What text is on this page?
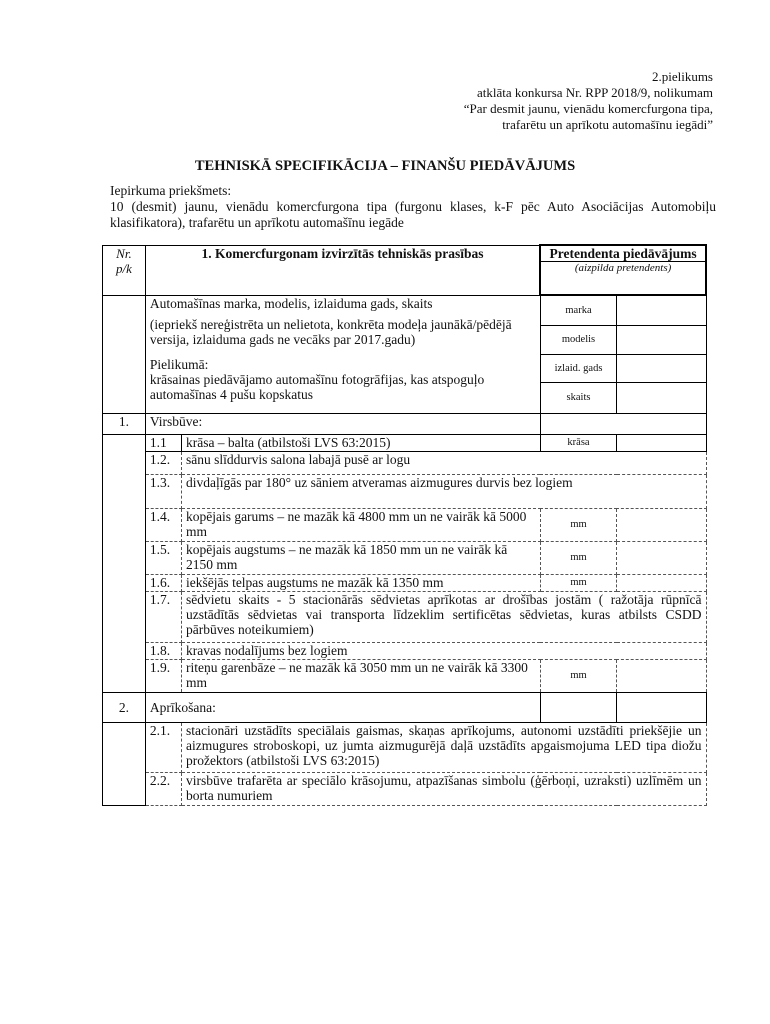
2.pielikums
atklāta konkursa Nr. RPP 2018/9, nolikumam
“Par desmit jaunu, vienādu komercfurgona tipa,
trafarētu un aprīkotu automašīnu iegādi”
TEHNISKĀ SPECIFIKĀCIJA – FINANŠU PIEDĀVĀJUMS
Iepirkuma priekšmets:
10 (desmit) jaunu, vienādu komercfurgona tipa (furgonu klases, k-F pēc Auto Asociācijas Automobiļu klasifikatora), trafarētu un aprīkotu automašīnu iegāde
Nr. p/k	1. Komercfurgonam izvirzītās tehniskās prasības		Pretendenta piedāvājums
(aizpilda pretendents)	

	Automašīnas marka, modelis, izlaiduma gads, skaits
(iepriekš nereģistrēta un nelietota, konkrēta modeļa jaunākā/pēdējā versija, izlaiduma gads ne vecāks par 2017.gadu)
Pielikumā:
krāsainas piedāvājamo automašīnu fotogrāfijas, kas atspoguļo automašīnas 4 pušu kopskatus		marka	
			modelis	
			izlaid. gads	
			skaits	
1.	Virsbūve:			
	1.1	krāsa – balta (atbilstoši LVS 63:2015)	krāsa	
	1.2.	sānu slīddurvis salona labajā pusē ar logu		
	1.3.	divdaļīgās par 180° uz sāniem atveramas aizmugures durvis bez logiem		
	1.4.	kopējais garums – ne mazāk kā 4800 mm un ne vairāk kā 5000 mm	mm	
	1.5.	kopējais augstums – ne mazāk kā 1850 mm un ne vairāk kā 2150 mm	mm	
	1.6.	iekšējās telpas augstums ne mazāk kā 1350 mm	mm	
	1.7.	sēdvietu skaits - 5 stacionārās sēdvietas aprīkotas ar drošības jostām ( ražotāja rūpnīcā uzstādītās sēdvietas vai transporta līdzeklim sertificētas sēdvietas, kuras atbilsts CSDD pārbūves noteikumiem)		
	1.8.	kravas nodalījums bez logiem		
	1.9.	riteņu garenbāze – ne mazāk kā 3050 mm un ne vairāk kā 3300 mm	mm	
2.	Aprīkošana:			
	2.1.	stacionāri uzstādīts speciālais gaismas, skaņas aprīkojums, autonomi uzstādīti priekšējie un aizmugures stroboskopi, uz jumta aizmugurējā daļā uzstādīts apgaismojuma LED tipa diožu prožektors (atbilstoši LVS 63:2015)		
	2.2.	virsbūve trafarēta ar speciālo krāsojumu, atpazīšanas simbolu (ģērboņi, uzraksti) uzlīmēm un borta numuriem		
